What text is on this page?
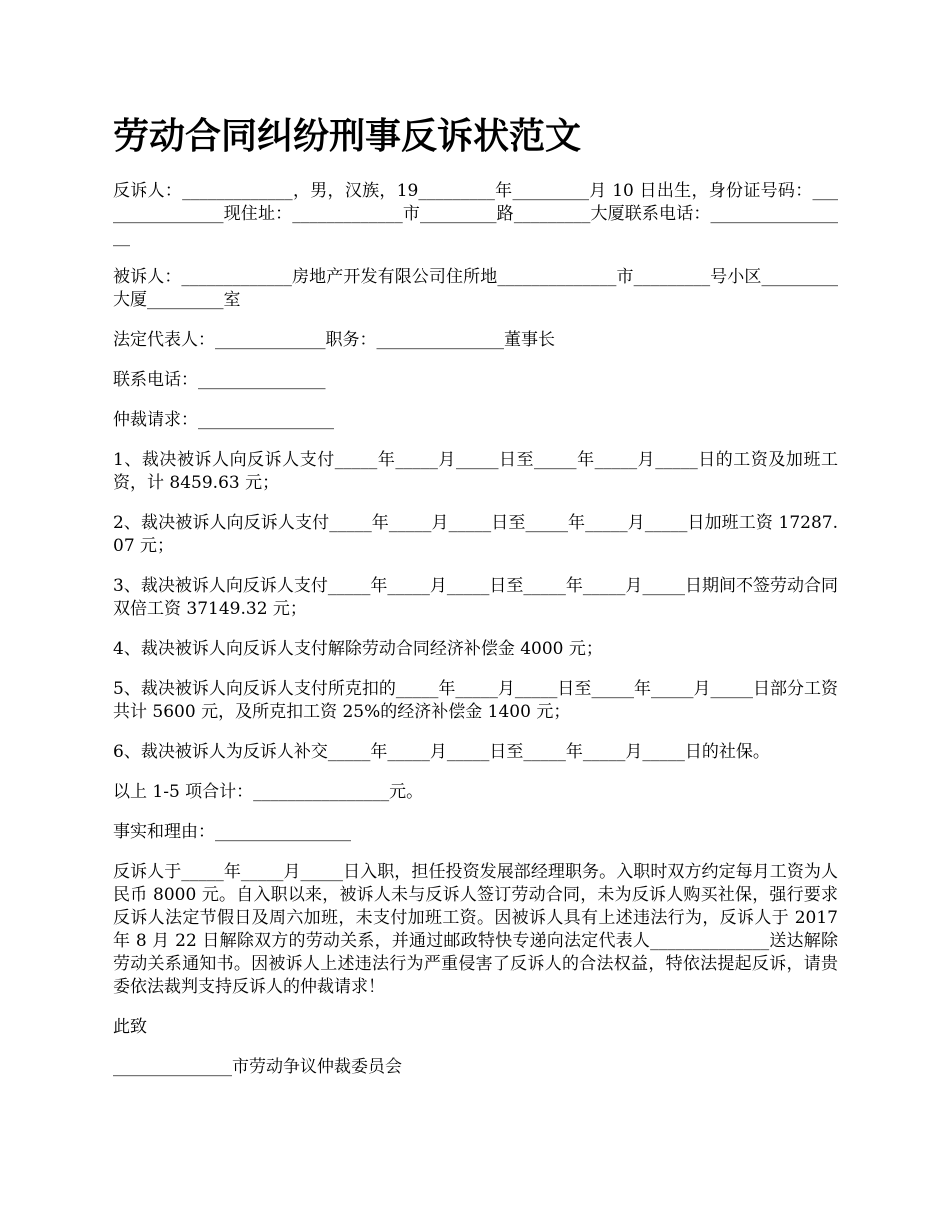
劳动合同纠纷刑事反诉状范文

反诉人：_____________，男，汉族，19_________年_________月 10 日出生，身份证号码：________________现住址：_____________市_________路_________大厦联系电话：_________________

被诉人：_____________房地产开发有限公司住所地______________市_________号小区_________大厦_________室

法定代表人：_____________职务：_______________董事长

联系电话：_______________

仲裁请求：________________

1、裁决被诉人向反诉人支付_____年_____月_____日至_____年_____月_____日的工资及加班工资，计 8459.63 元；

2、裁决被诉人向反诉人支付_____年_____月_____日至_____年_____月_____日加班工资 17287.07 元；

3、裁决被诉人向反诉人支付_____年_____月_____日至_____年_____月_____日期间不签劳动合同双倍工资 37149.32 元；

4、裁决被诉人向反诉人支付解除劳动合同经济补偿金 4000 元；

5、裁决被诉人向反诉人支付所克扣的_____年_____月_____日至_____年_____月_____日部分工资共计 5600 元，及所克扣工资 25%的经济补偿金 1400 元；

6、裁决被诉人为反诉人补交_____年_____月_____日至_____年_____月_____日的社保。

以上 1-5 项合计：________________元。

事实和理由：________________

反诉人于_____年_____月_____日入职，担任投资发展部经理职务。入职时双方约定每月工资为人民币 8000 元。自入职以来，被诉人未与反诉人签订劳动合同，未为反诉人购买社保，强行要求反诉人法定节假日及周六加班，未支付加班工资。因被诉人具有上述违法行为，反诉人于 2017 年 8 月 22 日解除双方的劳动关系，并通过邮政特快专递向法定代表人______________送达解除劳动关系通知书。因被诉人上述违法行为严重侵害了反诉人的合法权益，特依法提起反诉，请贵委依法裁判支持反诉人的仲裁请求！

此致

______________市劳动争议仲裁委员会
